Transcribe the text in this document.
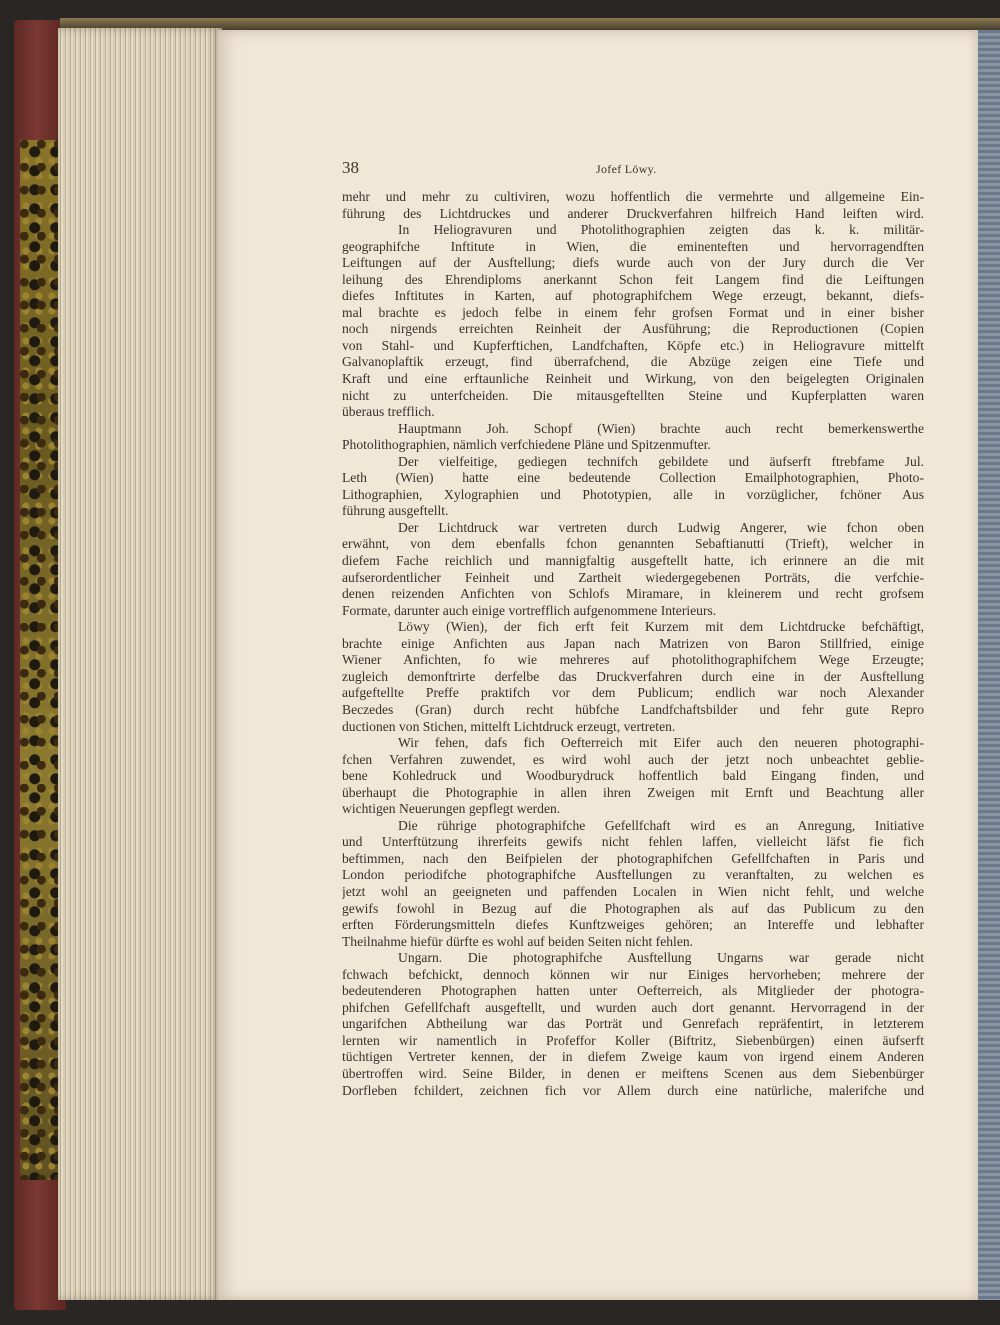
38	Jofef Löwy.
mehr und mehr zu cultiviren, wozu hoffentlich die vermehrte und allgemeine Ein-
führung des Lichtdruckes und anderer Druckverfahren hilfreich Hand leiften wird.
In Heliogravuren und Photolithographien zeigten das k. k. militär-
geographifche Inftitute in Wien, die eminenteften und hervorragendften
Leiftungen auf der Ausftellung; diefs wurde auch von der Jury durch die Ver
leihung des Ehrendiploms anerkannt Schon feit Langem find die Leiftungen
diefes Inftitutes in Karten, auf photographifchem Wege erzeugt, bekannt, diefs-
mal brachte es jedoch felbe in einem fehr grofsen Format und in einer bisher
noch nirgends erreichten Reinheit der Ausführung; die Reproductionen (Copien
von Stahl- und Kupferftichen, Landfchaften, Köpfe etc.) in Heliogravure mittelft
Galvanoplaftik erzeugt, find überrafchend, die Abzüge zeigen eine Tiefe und
Kraft und eine erftaunliche Reinheit und Wirkung, von den beigelegten Originalen
nicht zu unterfcheiden. Die mitausgeftellten Steine und Kupferplatten waren
überaus trefflich.
Hauptmann Joh. Schopf (Wien) brachte auch recht bemerkenswerthe
Photolithographien, nämlich verfchiedene Pläne und Spitzenmufter.
Der vielfeitige, gediegen technifch gebildete und äufserft ftrebfame Jul.
Leth (Wien) hatte eine bedeutende Collection Emailphotographien, Photo-
Lithographien, Xylographien und Phototypien, alle in vorzüglicher, fchöner Aus
führung ausgeftellt.
Der Lichtdruck war vertreten durch Ludwig Angerer, wie fchon oben
erwähnt, von dem ebenfalls fchon genannten Sebaftianutti (Trieft), welcher in
diefem Fache reichlich und mannigfaltig ausgeftellt hatte, ich erinnere an die mit
aufserordentlicher Feinheit und Zartheit wiedergegebenen Porträts, die verfchie-
denen reizenden Anfichten von Schlofs Miramare, in kleinerem und recht grofsem
Formate, darunter auch einige vortrefflich aufgenommene Interieurs.
Löwy (Wien), der fich erft feit Kurzem mit dem Lichtdrucke befchäftigt,
brachte einige Anfichten aus Japan nach Matrizen von Baron Stillfried, einige
Wiener Anfichten, fo wie mehreres auf photolithographifchem Wege Erzeugte;
zugleich demonftrirte derfelbe das Druckverfahren durch eine in der Ausftellung
aufgeftellte Preffe praktifch vor dem Publicum; endlich war noch Alexander
Beczedes (Gran) durch recht hübfche Landfchaftsbilder und fehr gute Repro
ductionen von Stichen, mittelft Lichtdruck erzeugt, vertreten.
Wir fehen, dafs fich Oefterreich mit Eifer auch den neueren photographi-
fchen Verfahren zuwendet, es wird wohl auch der jetzt noch unbeachtet geblie-
bene Kohledruck und Woodburydruck hoffentlich bald Eingang finden, und
überhaupt die Photographie in allen ihren Zweigen mit Ernft und Beachtung aller
wichtigen Neuerungen gepflegt werden.
Die rührige photographifche Gefellfchaft wird es an Anregung, Initiative
und Unterftützung ihrerfeits gewifs nicht fehlen laffen, vielleicht läfst fie fich
beftimmen, nach den Beifpielen der photographifchen Gefellfchaften in Paris und
London periodifche photographifche Ausftellungen zu veranftalten, zu welchen es
jetzt wohl an geeigneten und paffenden Localen in Wien nicht fehlt, und welche
gewifs fowohl in Bezug auf die Photographen als auf das Publicum zu den
erften Förderungsmitteln diefes Kunftzweiges gehören; an Intereffe und lebhafter
Theilnahme hiefür dürfte es wohl auf beiden Seiten nicht fehlen.
Ungarn. Die photographifche Ausftellung Ungarns war gerade nicht
fchwach befchickt, dennoch können wir nur Einiges hervorheben; mehrere der
bedeutenderen Photographen hatten unter Oefterreich, als Mitglieder der photogra-
phifchen Gefellfchaft ausgeftellt, und wurden auch dort genannt. Hervorragend in der
ungarifchen Abtheilung war das Porträt und Genrefach repräfentirt, in letzterem
lernten wir namentlich in Profeffor Koller (Biftritz, Siebenbürgen) einen äufserft
tüchtigen Vertreter kennen, der in diefem Zweige kaum von irgend einem Anderen
übertroffen wird. Seine Bilder, in denen er meiftens Scenen aus dem Siebenbürger
Dorfleben fchildert, zeichnen fich vor Allem durch eine natürliche, malerifche und
